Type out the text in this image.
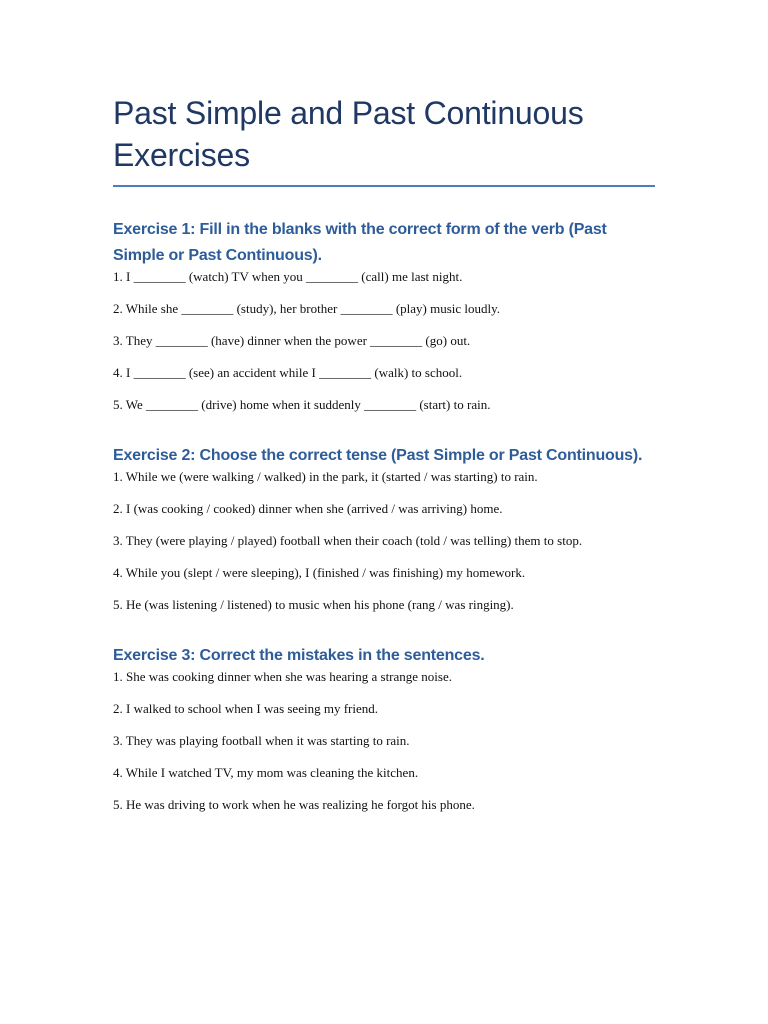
Past Simple and Past Continuous Exercises
Exercise 1: Fill in the blanks with the correct form of the verb (Past Simple or Past Continuous).
1. I ________ (watch) TV when you ________ (call) me last night.
2. While she ________ (study), her brother ________ (play) music loudly.
3. They ________ (have) dinner when the power ________ (go) out.
4. I ________ (see) an accident while I ________ (walk) to school.
5. We ________ (drive) home when it suddenly ________ (start) to rain.
Exercise 2: Choose the correct tense (Past Simple or Past Continuous).
1. While we (were walking / walked) in the park, it (started / was starting) to rain.
2. I (was cooking / cooked) dinner when she (arrived / was arriving) home.
3. They (were playing / played) football when their coach (told / was telling) them to stop.
4. While you (slept / were sleeping), I (finished / was finishing) my homework.
5. He (was listening / listened) to music when his phone (rang / was ringing).
Exercise 3: Correct the mistakes in the sentences.
1. She was cooking dinner when she was hearing a strange noise.
2. I walked to school when I was seeing my friend.
3. They was playing football when it was starting to rain.
4. While I watched TV, my mom was cleaning the kitchen.
5. He was driving to work when he was realizing he forgot his phone.
